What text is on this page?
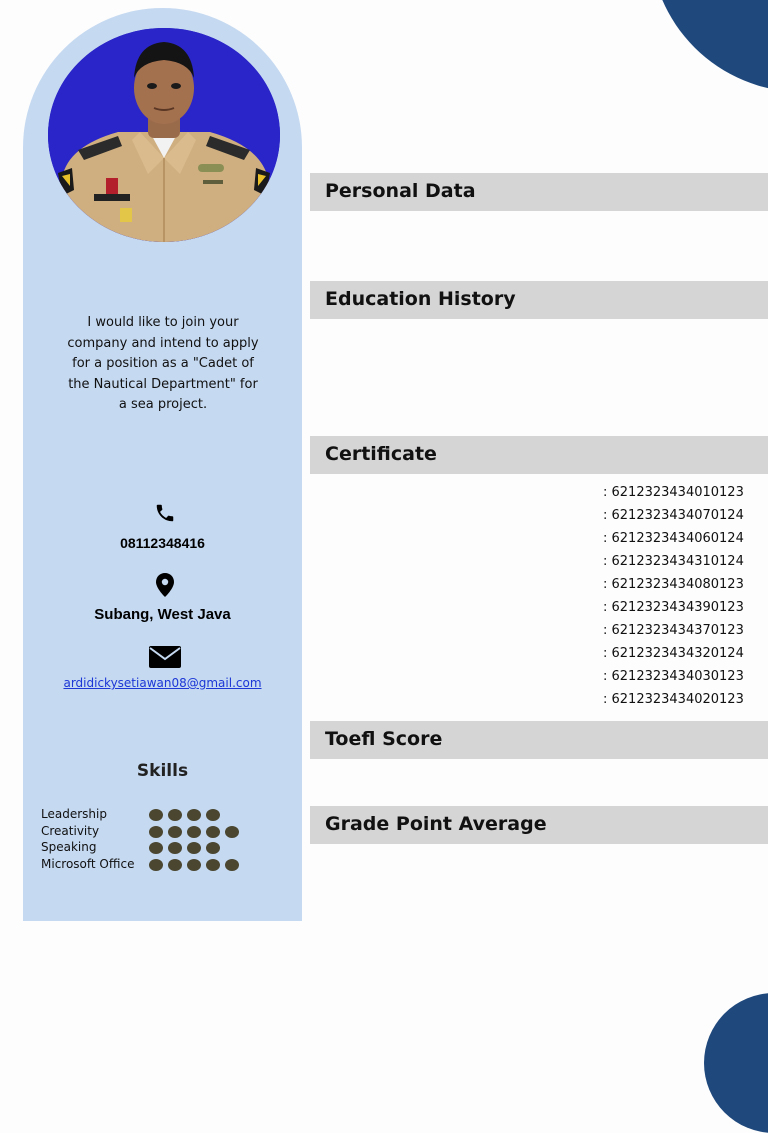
I would like to join your company and intend to apply for a position as a "Cadet of the Nautical Department" for a sea project.
08112348416
Subang, West Java
ardidickysetiawan08@gmail.com
Skills
Leadership
Creativity
Speaking
Microsoft Office
Personal Data
Education History
Certificate
: 6212323434010123
: 6212323434070124
: 6212323434060124
: 6212323434310124
: 6212323434080123
: 6212323434390123
: 6212323434370123
: 6212323434320124
: 6212323434030123
: 6212323434020123
Toefl Score
Grade Point Average
